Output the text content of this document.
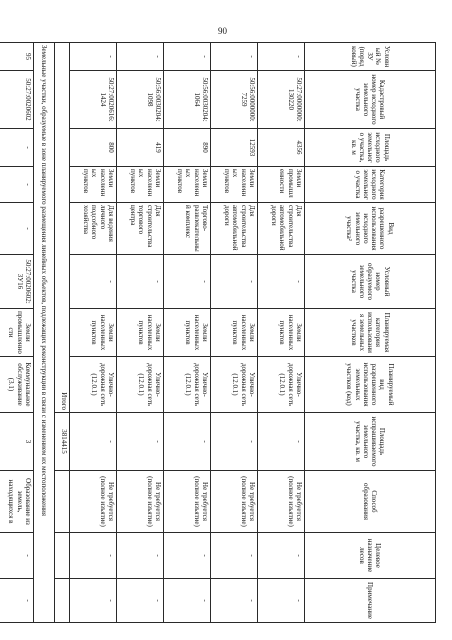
90
Условный № ЗУ (порядковый)	Кадастровый номер исходного земельного участка	Площадь исходного земельного участка, кв. м	Категория исходного земельного участка	Вид разрешенного использования исходного земельного участка²	Условный номер образуемого земельного участка	Планируемая категория использования земельных участков	Планируемый вид разрешенного использования земельных участков (код)	Площадь испрашиваемого земельного участка, кв. м	Способ образования	Целевое назначение лесов	Примечание
-	50:27:0000000: 130220	4356	Земли промышленности	Для строительства автомобильной дороги	-	Земли населенных пунктов	Улично-дорожная сеть (12.0.1)	-	Не требуется (полное изъятие)	-	-
-	50:56:0000000: 7259	12593	Земли населенных пунктов	Для строительства автомобильной дороги	-	Земли населенных пунктов	Улично-дорожная сеть (12.0.1)	-	Не требуется (полное изъятие)	-	-
-	50:56:0030204: 1064	890	Земли населенных пунктов	Торгово-развлекательный комплекс	-	Земли населенных пунктов	Улично-дорожная сеть (12.0.1)	-	Не требуется (полное изъятие)	-	-
-	50:56:0030204: 1098	419	Земли населенных пунктов	Для строительства торгового центра	-	Земли населенных пунктов	Улично-дорожная сеть (12.0.1)	-	Не требуется (полное изъятие)	-	-
-	50:27:0020616: 1424	800	Земли населенных пунктов	Для ведения личного подсобного хозяйства	-	Земли населенных пунктов	Улично-дорожная сеть (12.0.1)	-	Не требуется (полное изъятие)	-	-
Итого								3814415			
Земельные участки, образуемые в зоне планируемого размещения линейных объектов, подлежащих реконструкции в связи с изменением их местоположения											
95	50:27:0020602	-	-	-	50:27:0020602: 3У16	Земли промышленности	Коммунальное обслуживание (3.1)	3	Образование из земель, находящихся в	-	-
